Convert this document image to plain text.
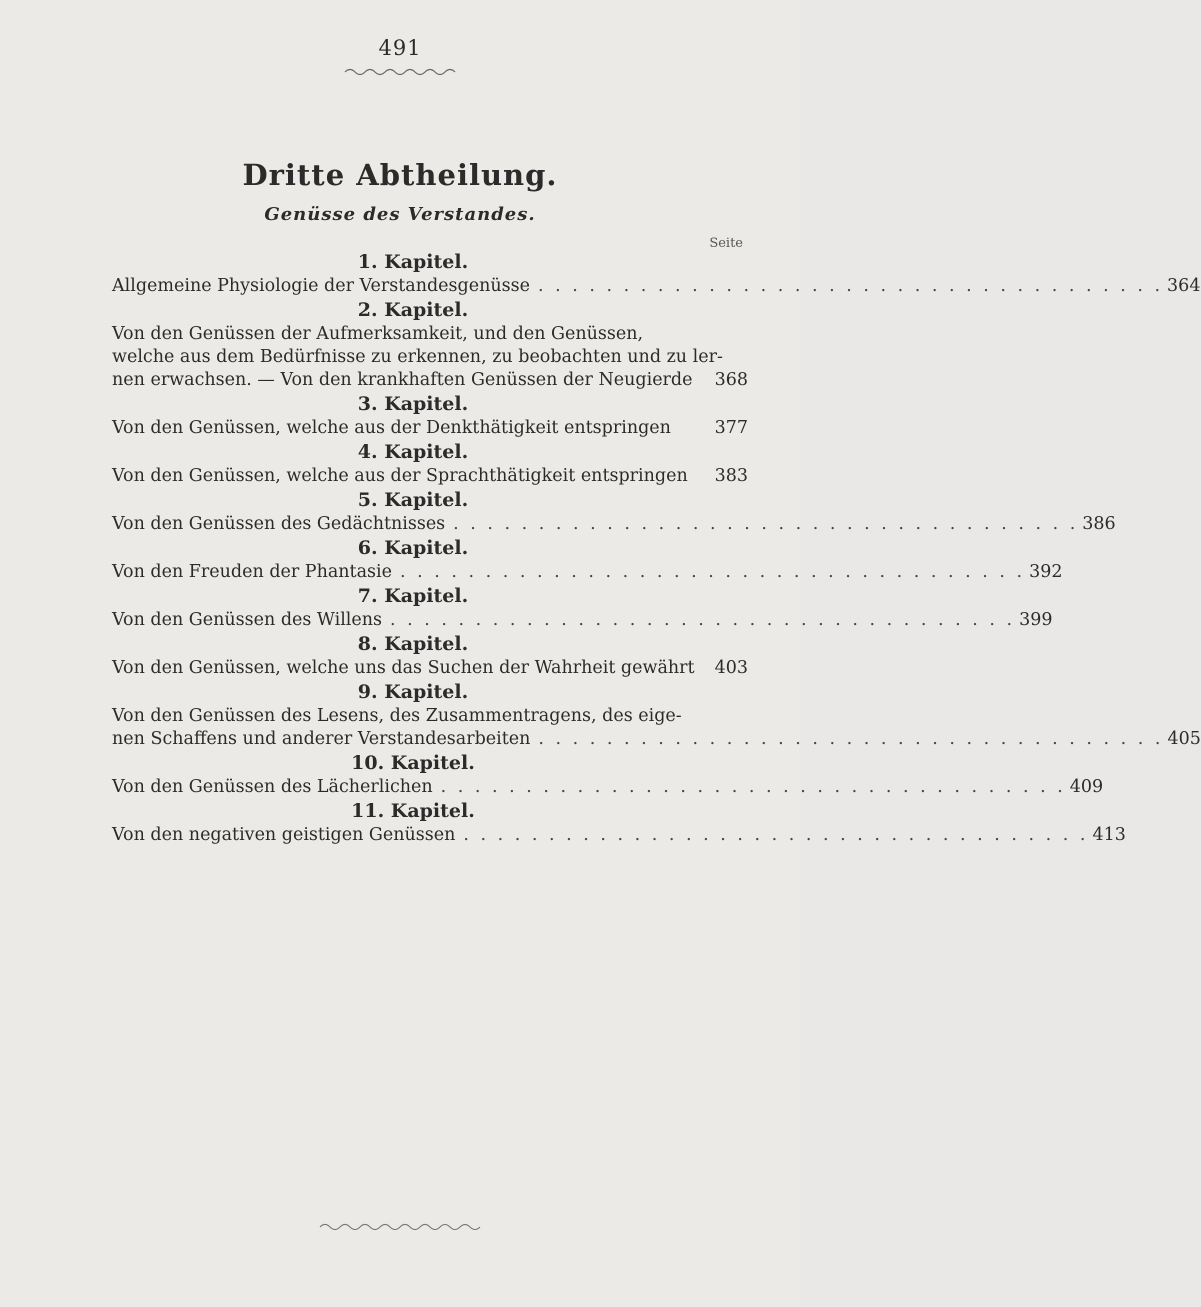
491
Dritte Abtheilung.
Genüsse des Verstandes.
Seite
1. Kapitel.
Allgemeine Physiologie der Verstandesgenüsse . . . . . . . . . . . . . . . . . . . . . . . . . . . . . . . . . . . . . 364
2. Kapitel.
Von den Genüssen der Aufmerksamkeit, und den Genüssen,
welche aus dem Bedürfnisse zu erkennen, zu beobachten und zu ler-
nen erwachsen. — Von den krankhaften Genüssen der Neugierde 368
3. Kapitel.
Von den Genüssen, welche aus der Denkthätigkeit entspringen 377
4. Kapitel.
Von den Genüssen, welche aus der Sprachthätigkeit entspringen 383
5. Kapitel.
Von den Genüssen des Gedächtnisses . . . . . . . . . . . . . . . . . . . . . . . . . . . . . . . . . . . . . 386
6. Kapitel.
Von den Freuden der Phantasie . . . . . . . . . . . . . . . . . . . . . . . . . . . . . . . . . . . . . 392
7. Kapitel.
Von den Genüssen des Willens . . . . . . . . . . . . . . . . . . . . . . . . . . . . . . . . . . . . . 399
8. Kapitel.
Von den Genüssen, welche uns das Suchen der Wahrheit gewährt 403
9. Kapitel.
Von den Genüssen des Lesens, des Zusammentragens, des eige-
nen Schaffens und anderer Verstandesarbeiten . . . . . . . . . . . . . . . . . . . . . . . . . . . . . . . . . . . . . 405
10. Kapitel.
Von den Genüssen des Lächerlichen . . . . . . . . . . . . . . . . . . . . . . . . . . . . . . . . . . . . . 409
11. Kapitel.
Von den negativen geistigen Genüssen . . . . . . . . . . . . . . . . . . . . . . . . . . . . . . . . . . . . . 413
